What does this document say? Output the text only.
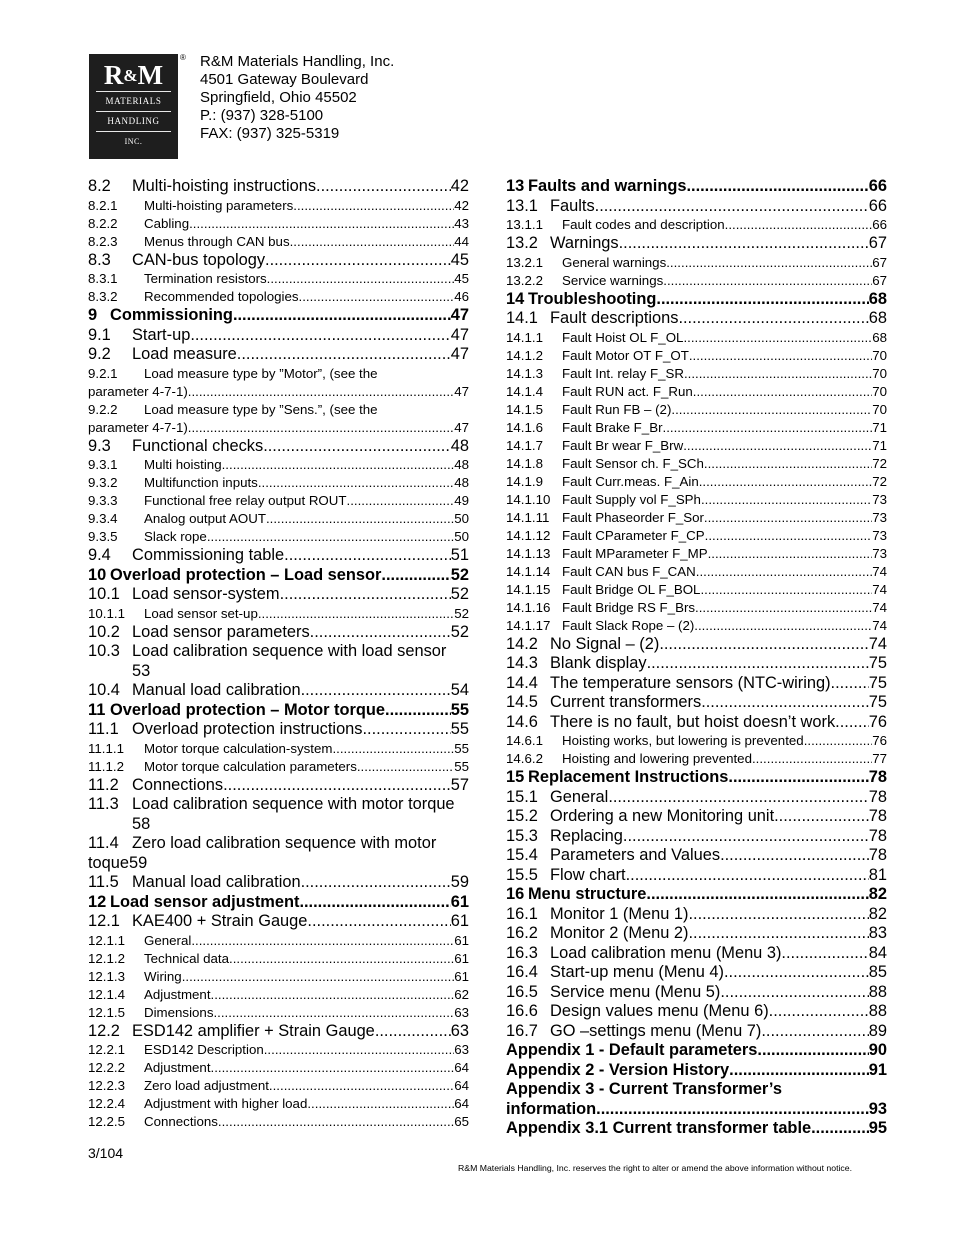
R&M
MATERIALS
HANDLING
INC.
® R&M Materials Handling, Inc.
4501 Gateway Boulevard
Springfield, Ohio 45502
P.: (937) 328-5100
FAX: (937) 325-5319
8.2	Multi-hoisting instructions .....	42
8.2.1	Multi-hoisting parameters .....	42
8.2.2	Cabling .....	43
8.2.3	Menus through CAN bus .....	44
8.3	CAN-bus topology .....	45
8.3.1	Termination resistors .....	45
8.3.2	Recommended topologies .....	46
9 Commissioning .....	47
9.1	Start-up .....	47
9.2	Load measure .....	47
9.2.1	Load measure type by ”Motor”, (see the
parameter 4-7-1) .....	47
9.2.2	Load measure type by ”Sens.”, (see the
parameter 4-7-1) .....	47
9.3	Functional checks .....	48
9.3.1	Multi hoisting .....	48
9.3.2	Multifunction inputs .....	48
9.3.3	Functional free relay output ROUT .....	49
9.3.4	Analog output AOUT .....	50
9.3.5	Slack rope .....	50
9.4	Commissioning table .....	51
10 Overload protection – Load sensor .....	52
10.1 Load sensor-system .....	52
10.1.1	Load sensor set-up .....	52
10.2 Load sensor parameters .....	52
10.3 Load calibration sequence with load sensor
53
10.4 Manual load calibration .....	54
11 Overload protection – Motor torque .....	55
11.1 Overload protection instructions .....	55
11.1.1	Motor torque calculation-system .....	55
11.1.2	Motor torque calculation parameters .....	55
11.2 Connections .....	57
11.3 Load calibration sequence with motor torque
58
11.4 Zero load calibration sequence with motor
toque59
11.5 Manual load calibration .....	59
12 Load sensor adjustment .....	61
12.1 KAE400 + Strain Gauge .....	61
12.1.1	General .....	61
12.1.2	Technical data .....	61
12.1.3	Wiring .....	61
12.1.4	Adjustment .....	62
12.1.5	Dimensions .....	63
12.2 ESD142 amplifier + Strain Gauge .....	63
12.2.1	ESD142 Description .....	63
12.2.2	Adjustment .....	64
12.2.3	Zero load adjustment .....	64
12.2.4	Adjustment with higher load .....	64
12.2.5	Connections .....	65
13 Faults and warnings .....	66
13.1 Faults .....	66
13.1.1	Fault codes and description .....	66
13.2 Warnings .....	67
13.2.1	General warnings .....	67
13.2.2	Service warnings .....	67
14 Troubleshooting .....	68
14.1 Fault descriptions .....	68
14.1.1	Fault Hoist OL F_OL .....	68
14.1.2	Fault Motor OT F_OT .....	70
14.1.3	Fault Int. relay F_SR .....	70
14.1.4	Fault RUN act. F_Run .....	70
14.1.5	Fault Run FB – (2) .....	70
14.1.6	Fault Brake F_Br .....	71
14.1.7	Fault Br wear F_Brw .....	71
14.1.8	Fault Sensor ch. F_SCh .....	72
14.1.9	Fault Curr.meas. F_Ain .....	72
14.1.10 Fault Supply vol F_SPh .....	73
14.1.11 Fault Phaseorder F_Sor .....	73
14.1.12 Fault CParameter F_CP .....	73
14.1.13 Fault MParameter F_MP .....	73
14.1.14 Fault CAN bus F_CAN .....	74
14.1.15 Fault Bridge OL F_BOL .....	74
14.1.16 Fault Bridge RS F_Brs .....	74
14.1.17 Fault Slack Rope – (2) .....	74
14.2 No Signal – (2) .....	74
14.3 Blank display .....	75
14.4 The temperature sensors (NTC-wiring) ..... 75
14.5 Current transformers .....	75
14.6 There is no fault, but hoist doesn’t work ..... 76
14.6.1	Hoisting works, but lowering is prevented .....	76
14.6.2	Hoisting and lowering prevented .....	77
15 Replacement Instructions .....	78
15.1 General .....	78
15.2 Ordering a new Monitoring unit .....	78
15.3 Replacing .....	78
15.4 Parameters and Values .....	78
15.5 Flow chart .....	81
16 Menu structure .....	82
16.1 Monitor 1 (Menu 1) .....	82
16.2 Monitor 2 (Menu 2) .....	83
16.3 Load calibration menu (Menu 3) .....	84
16.4 Start-up menu (Menu 4) .....	85
16.5 Service menu (Menu 5) .....	88
16.6 Design values menu (Menu 6) .....	88
16.7 GO –settings menu (Menu 7) .....	89
Appendix 1 - Default parameters .....	90
Appendix 2 - Version History .....	91
Appendix 3 - Current Transformer’s
information .....	93
Appendix 3.1 Current transformer table .....	95
3/104
R&M Materials Handling, Inc. reserves the right to alter or amend the above information without notice.
